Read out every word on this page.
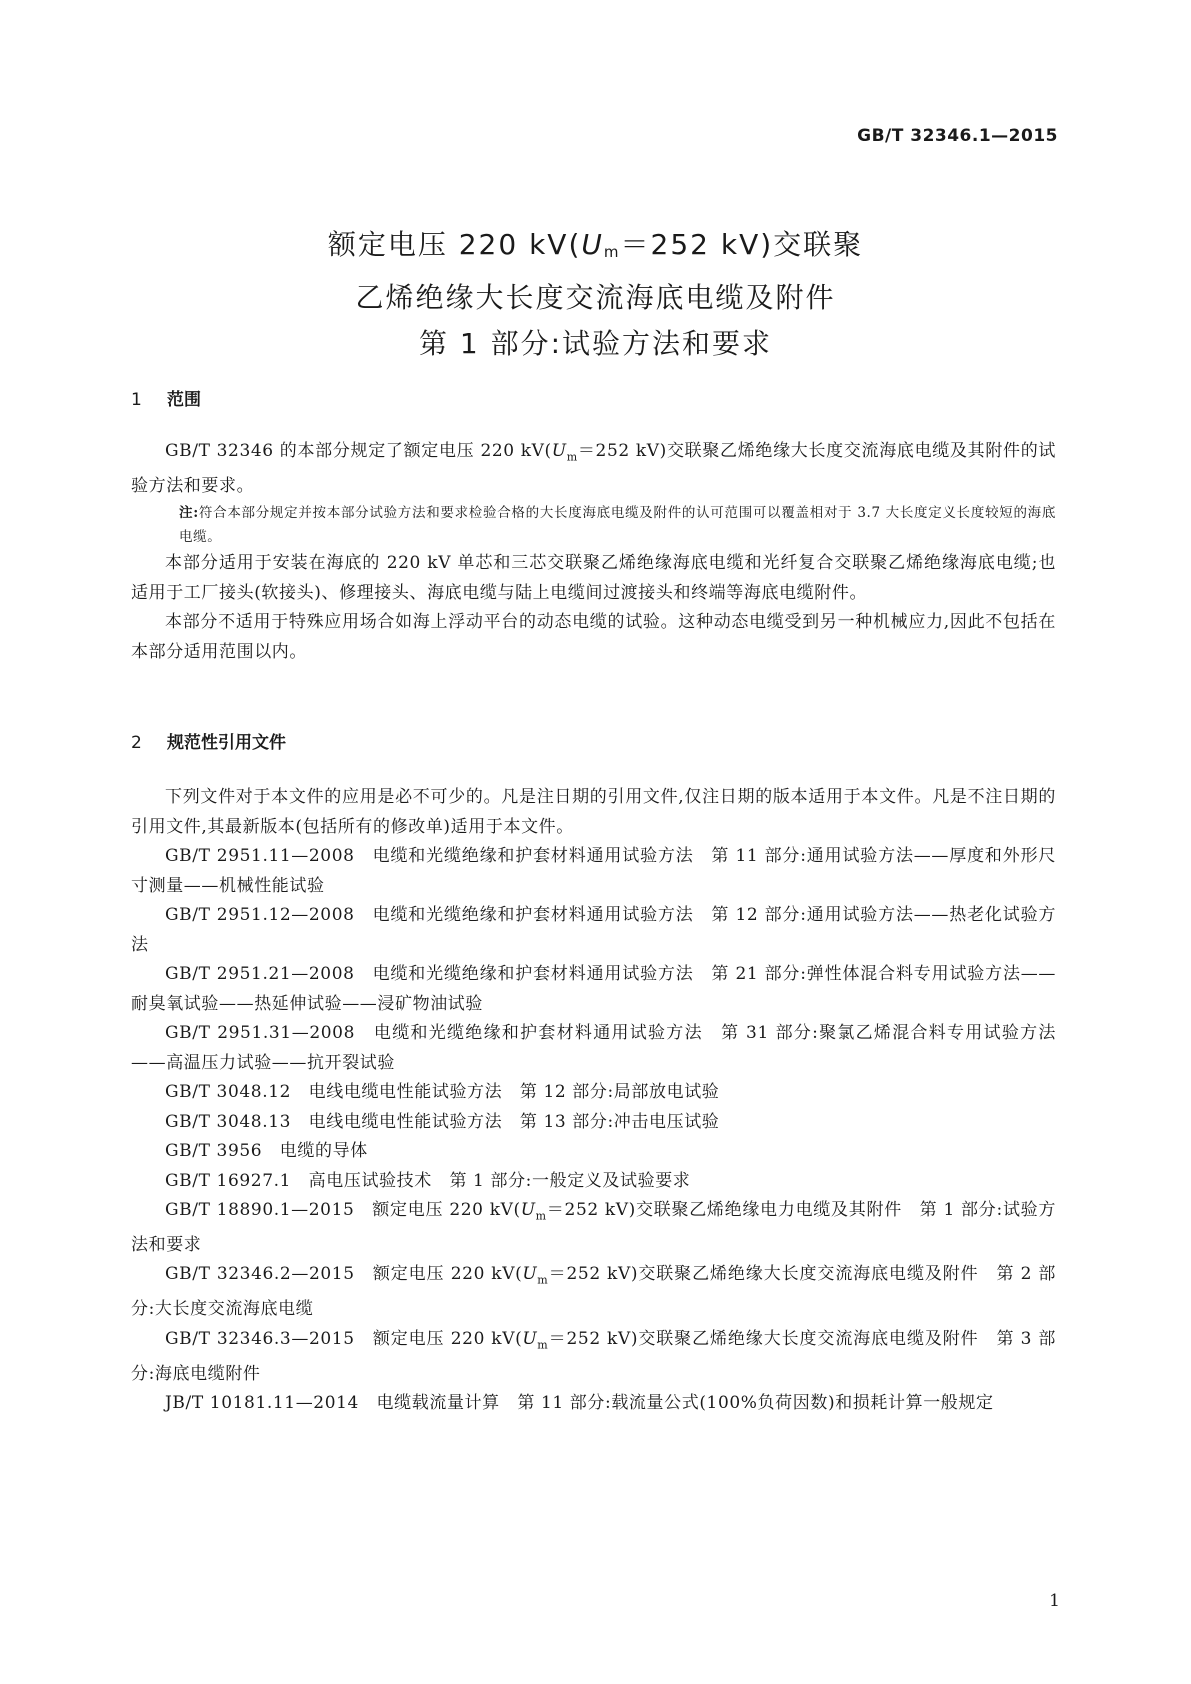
GB/T 32346.1—2015
额定电压 220 $kV(U_m=252$ kV)交联聚
乙烯绝缘大长度交流海底电缆及附件
第 1 部分:试验方法和要求
1 范围

GB/T 32346 的本部分规定了额定电压 220 $kV(U_m=252$ kV)交联聚乙烯绝缘大长度交流海底电缆及其附件的试验方法和要求。

注:符合本部分规定并按本部分试验方法和要求检验合格的大长度海底电缆及附件的认可范围可以覆盖相对于 3.7 大长度定义长度较短的海底电缆。

本部分适用于安装在海底的 220 kV 单芯和三芯交联聚乙烯绝缘海底电缆和光纤复合交联聚乙烯绝缘海底电缆;也适用于工厂接头(软接头)、修理接头、海底电缆与陆上电缆间过渡接头和终端等海底电缆附件。

本部分不适用于特殊应用场合如海上浮动平台的动态电缆的试验。这种动态电缆受到另一种机械应力,因此不包括在本部分适用范围以内。

2 规范性引用文件

下列文件对于本文件的应用是必不可少的。凡是注日期的引用文件,仅注日期的版本适用于本文件。凡是不注日期的引用文件,其最新版本(包括所有的修改单)适用于本文件。

GB/T 2951.11—2008　电缆和光缆绝缘和护套材料通用试验方法　第 11 部分:通用试验方法——厚度和外形尺寸测量——机械性能试验

GB/T 2951.12—2008　电缆和光缆绝缘和护套材料通用试验方法　第 12 部分:通用试验方法——热老化试验方法

GB/T 2951.21—2008　电缆和光缆绝缘和护套材料通用试验方法　第 21 部分:弹性体混合料专用试验方法——耐臭氧试验——热延伸试验——浸矿物油试验

GB/T 2951.31—2008　电缆和光缆绝缘和护套材料通用试验方法　第 31 部分:聚氯乙烯混合料专用试验方法——高温压力试验——抗开裂试验

GB/T 3048.12　电线电缆电性能试验方法　第 12 部分:局部放电试验

GB/T 3048.13　电线电缆电性能试验方法　第 13 部分:冲击电压试验

GB/T 3956　电缆的导体

GB/T 16927.1　高电压试验技术　第 1 部分:一般定义及试验要求

GB/T 18890.1—2015　额定电压 220 $kV(U_m=252$ kV)交联聚乙烯绝缘电力电缆及其附件　第 1 部分:试验方法和要求

GB/T 32346.2—2015　额定电压 220 $kV(U_m=252$ kV)交联聚乙烯绝缘大长度交流海底电缆及附件　第 2 部分:大长度交流海底电缆

GB/T 32346.3—2015　额定电压 220 $kV(U_m=252$ kV)交联聚乙烯绝缘大长度交流海底电缆及附件　第 3 部分:海底电缆附件

JB/T 10181.11—2014　电缆载流量计算　第 11 部分:载流量公式(100%负荷因数)和损耗计算一般规定

1
